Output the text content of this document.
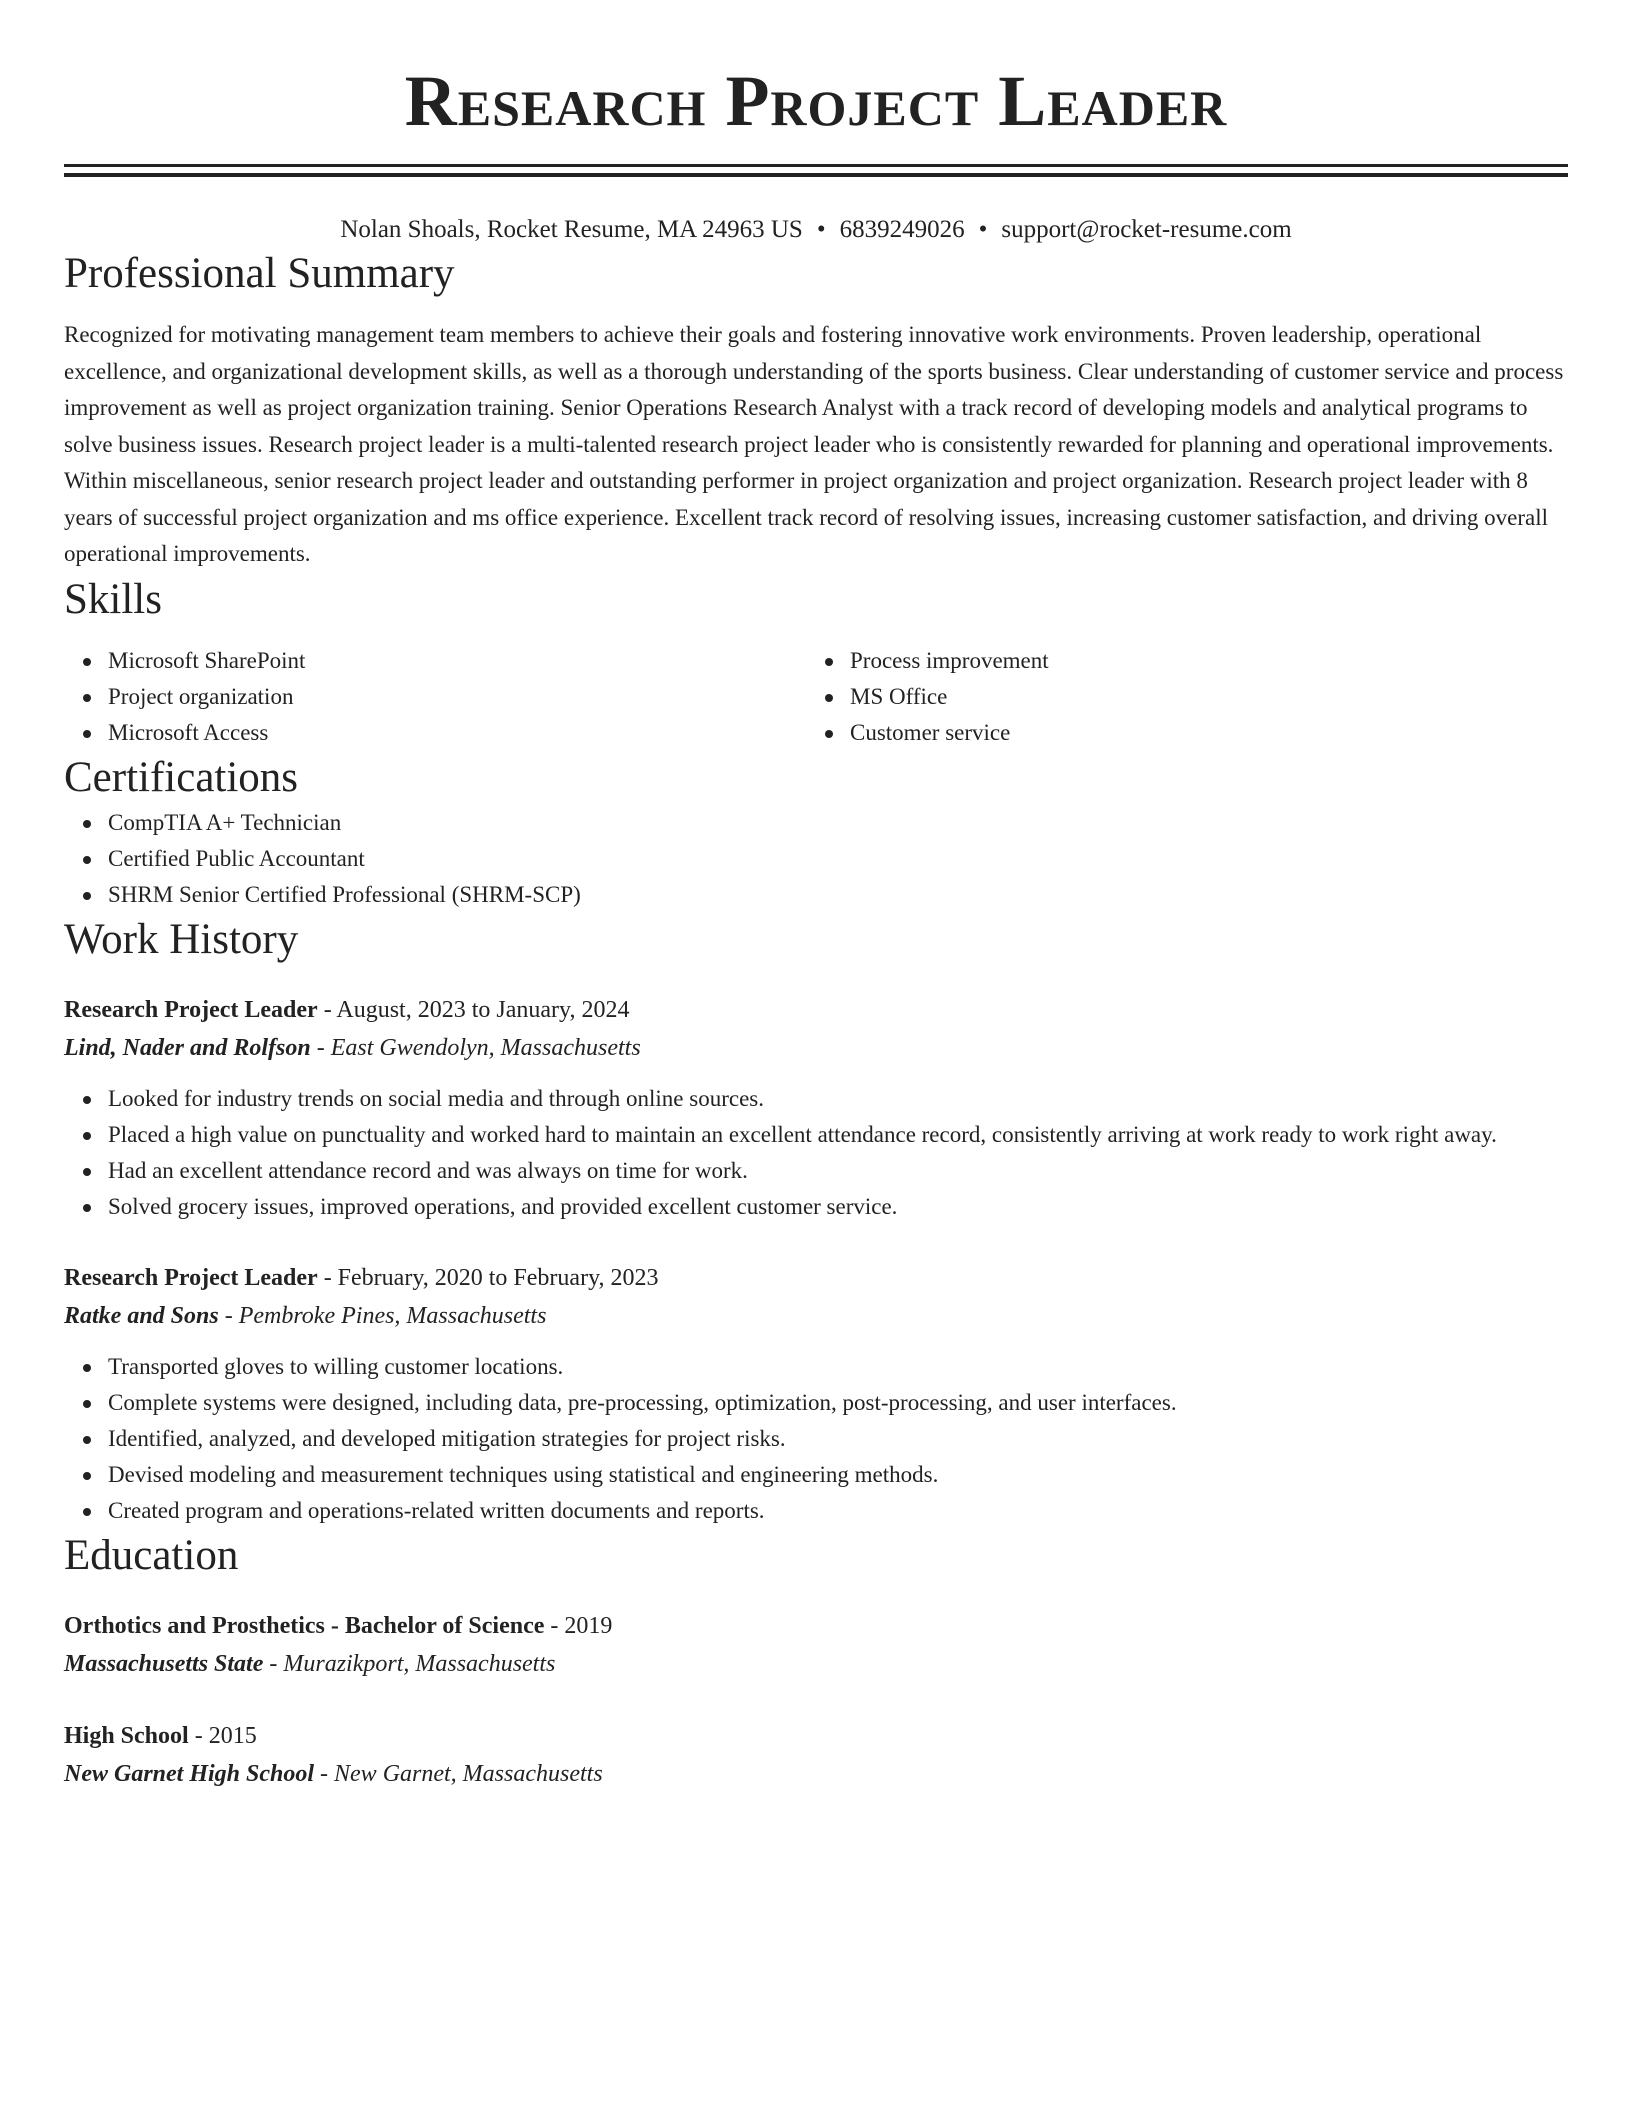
Research Project Leader
Nolan Shoals, Rocket Resume, MA 24963 US • 6839249026 • support@rocket-resume.com
Professional Summary
Recognized for motivating management team members to achieve their goals and fostering innovative work environments. Proven leadership, operational excellence, and organizational development skills, as well as a thorough understanding of the sports business. Clear understanding of customer service and process improvement as well as project organization training. Senior Operations Research Analyst with a track record of developing models and analytical programs to solve business issues. Research project leader is a multi-talented research project leader who is consistently rewarded for planning and operational improvements. Within miscellaneous, senior research project leader and outstanding performer in project organization and project organization. Research project leader with 8 years of successful project organization and ms office experience. Excellent track record of resolving issues, increasing customer satisfaction, and driving overall operational improvements.
Skills
Microsoft SharePoint
Project organization
Microsoft Access
Process improvement
MS Office
Customer service
Certifications
CompTIA A+ Technician
Certified Public Accountant
SHRM Senior Certified Professional (SHRM-SCP)
Work History
Research Project Leader - August, 2023 to January, 2024
Lind, Nader and Rolfson - East Gwendolyn, Massachusetts
Looked for industry trends on social media and through online sources.
Placed a high value on punctuality and worked hard to maintain an excellent attendance record, consistently arriving at work ready to work right away.
Had an excellent attendance record and was always on time for work.
Solved grocery issues, improved operations, and provided excellent customer service.
Research Project Leader - February, 2020 to February, 2023
Ratke and Sons - Pembroke Pines, Massachusetts
Transported gloves to willing customer locations.
Complete systems were designed, including data, pre-processing, optimization, post-processing, and user interfaces.
Identified, analyzed, and developed mitigation strategies for project risks.
Devised modeling and measurement techniques using statistical and engineering methods.
Created program and operations-related written documents and reports.
Education
Orthotics and Prosthetics - Bachelor of Science - 2019
Massachusetts State - Murazikport, Massachusetts
High School - 2015
New Garnet High School - New Garnet, Massachusetts
